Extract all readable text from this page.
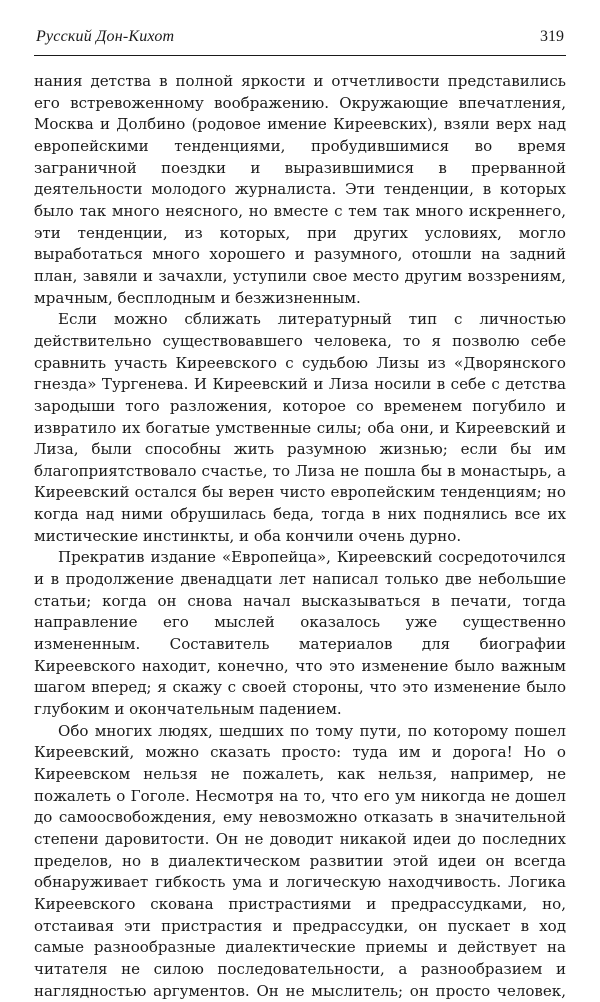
Русский Дон-Кихот	319

нания детства в полной яркости и отчетливости представились его встревоженному воображению. Окружающие впечатления, Москва и Долбино (родовое имение Киреевских), взяли верх над европейскими тенденциями, пробудившимися во время заграничной поездки и выразившимися в прерванной деятельности молодого журналиста. Эти тенденции, в которых было так много неясного, но вместе с тем так много искреннего, эти тенденции, из которых, при других условиях, могло выработаться много хорошего и разумного, отошли на задний план, завяли и зачахли, уступили свое место другим воззрениям, мрачным, бесплодным и безжизненным.

Если можно сближать литературный тип с личностью действительно существовавшего человека, то я позволю себе сравнить участь Киреевского с судьбою Лизы из «Дворянского гнезда» Тургенева. И Киреевский и Лиза носили в себе с детства зародыши того разложения, которое со временем погубило и извратило их богатые умственные силы; оба они, и Киреевский и Лиза, были способны жить разумною жизнью; если бы им благоприятствовало счастье, то Лиза не пошла бы в монастырь, а Киреевский остался бы верен чисто европейским тенденциям; но когда над ними обрушилась беда, тогда в них поднялись все их мистические инстинкты, и оба кончили очень дурно.

Прекратив издание «Европейца», Киреевский сосредоточился и в продолжение двенадцати лет написал только две небольшие статьи; когда он снова начал высказываться в печати, тогда направление его мыслей оказалось уже существенно измененным. Составитель материалов для биографии Киреевского находит, конечно, что это изменение было важным шагом вперед; я скажу с своей стороны, что это изменение было глубоким и окончательным падением.

Обо многих людях, шедших по тому пути, по которому пошел Киреевский, можно сказать просто: туда им и дорога! Но о Киреевском нельзя не пожалеть, как нельзя, например, не пожалеть о Гоголе. Несмотря на то, что его ум никогда не дошел до самоосвобождения, ему невозможно отказать в значительной степени даровитости. Он не доводит никакой идеи до последних пределов, но в диалектическом развитии этой идеи он всегда обнаруживает гибкость ума и логическую находчивость. Логика Киреевского скована пристрастиями и предрассудками, но, отстаивая эти пристрастия и предрассудки, он пускает в ход самые разнообразные диалектические приемы и действует на читателя не силою последовательности, а разнообразием и наглядностью аргументов. Он не мыслитель; он просто человек,
